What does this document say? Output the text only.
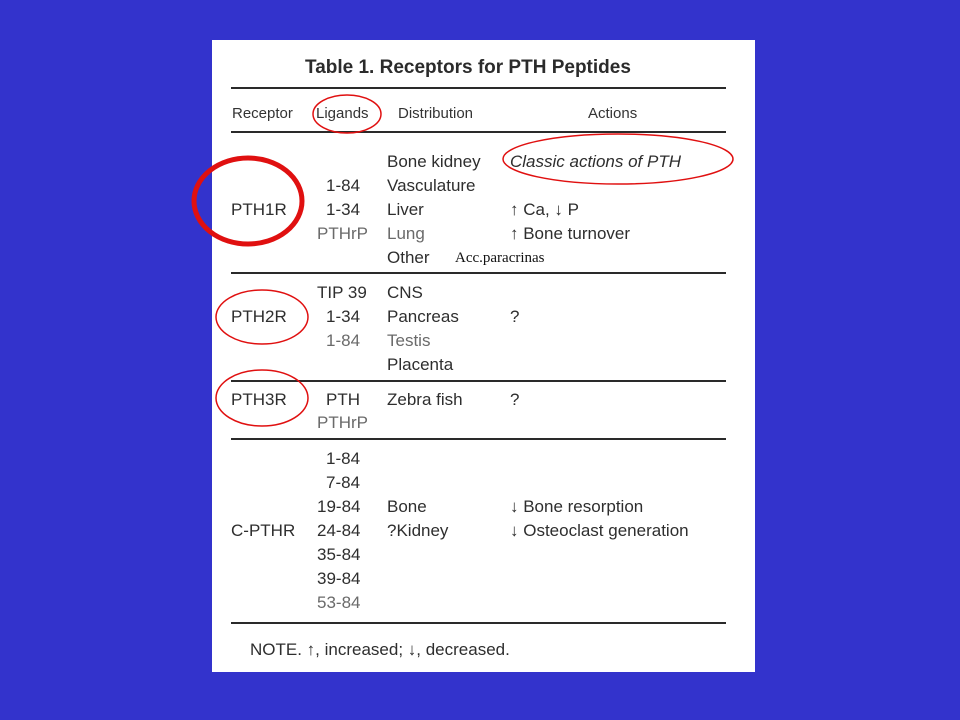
Table 1. Receptors for PTH Peptides
Receptor Ligands Distribution	Actions
PTH1R
1-84
1-34
PTHrP
Bone kidney
Vasculature
Liver
Lung
Other
Classic actions of PTH
↑ Ca, ↓ P
↑ Bone turnover
PTH2R
TIP 39
1-34
1-84
CNS
Pancreas
Testis
Placenta
?
PTH3R PTH
PTHrP
Zebra fish	?
C-PTHR
1-84
7-84
19-84
24-84
35-84
39-84
53-84
Bone
?Kidney
↓ Bone resorption
↓ Osteoclast generation
NOTE. ↑, increased; ↓, decreased.
Acc.paracrinas
